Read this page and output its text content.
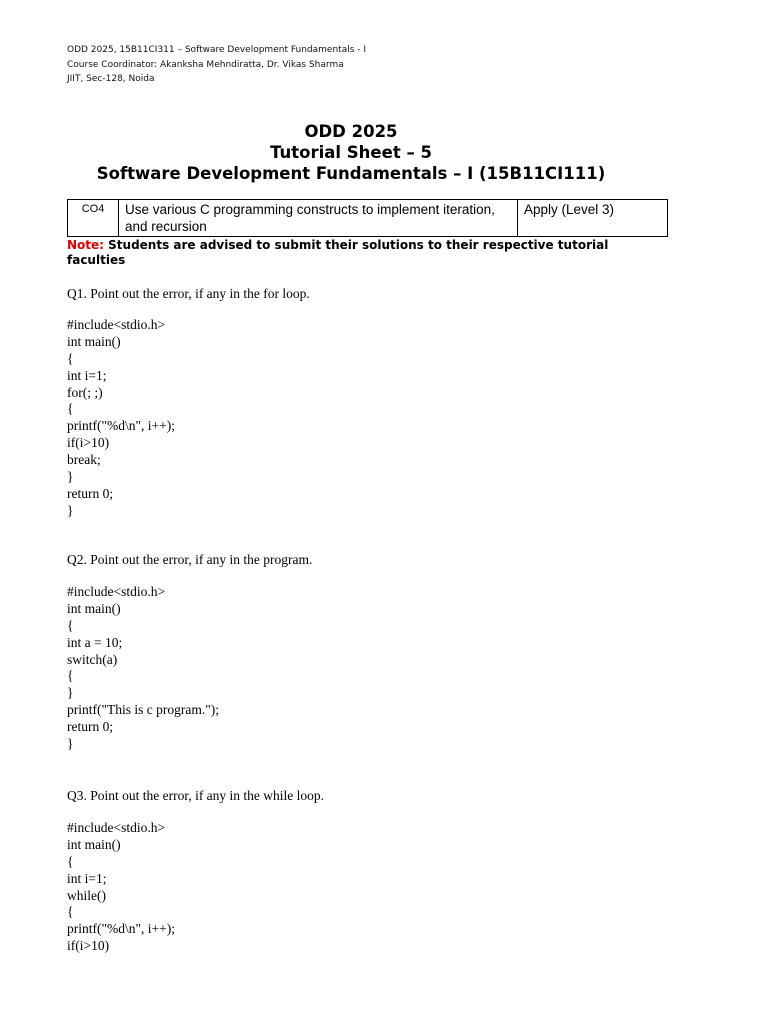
ODD 2025, 15B11CI311 – Software Development Fundamentals - I
Course Coordinator: Akanksha Mehndiratta, Dr. Vikas Sharma
JIIT, Sec-128, Noida
ODD 2025
Tutorial Sheet – 5
Software Development Fundamentals – I (15B11CI111)
CO4	Use various C programming constructs to implement iteration, and recursion	Apply (Level 3)
Note: Students are advised to submit their solutions to their respective tutorial faculties
Q1. Point out the error, if any in the for loop.
#include<stdio.h>
int main()
{
int i=1;
for(; ;)
{
printf("%d\n", i++);
if(i>10)
break;
}
return 0;
}
Q2. Point out the error, if any in the program.
#include<stdio.h>
int main()
{
int a = 10;
switch(a)
{
}
printf("This is c program.");
return 0;
}
Q3. Point out the error, if any in the while loop.
#include<stdio.h>
int main()
{
int i=1;
while()
{
printf("%d\n", i++);
if(i>10)
